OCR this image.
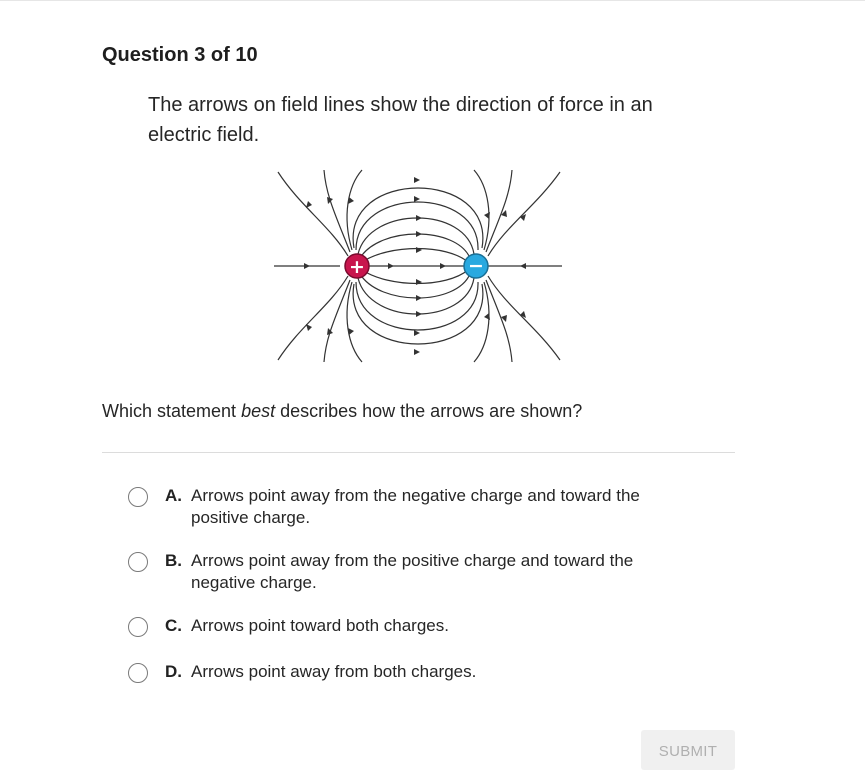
Question 3 of 10
The arrows on field lines show the direction of force in an electric field.
+	−
Which statement best describes how the arrows are shown?
A. Arrows point away from the negative charge and toward the positive charge.
B. Arrows point away from the positive charge and toward the negative charge.
C. Arrows point toward both charges.
D. Arrows point away from both charges.
SUBMIT
